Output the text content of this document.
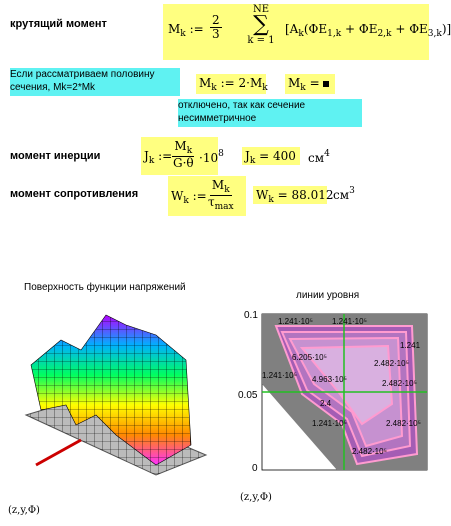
крутящий момент	$M_k$ := $\frac{2}{3}$
NE
∑
k = 1
$[A_k(\Phi E_{1,k} + \Phi E_{2,k} + \Phi E_{3,k})]$
Если рассматриваем половину сечения, Mk=2*Mk	$M_k$ := $2\cdot M_k$ $M_k$ =
отключено, так как сечение несимметричное
момент инерции	$J_k$ :=
$\frac{M_k}{G\cdot\theta} \cdot 10^8$ $J_k = 400$ $см^4$
момент сопротивления	$W_k$ :=
$M_k$
$\tau_{max}$
$W_k = 88.012$ $см^3$
Поверхность функции напряжений
(z,y,Φ)
линии уровня
0.1
0.05
0
1.241·10⁵ 1.241·10⁵
6.205·10⁵
1.241·10⁵ 4.963·10⁵
2.482·10⁵
2.482·10⁵
1.241
2.482·10⁵
1.241·10⁵
2.482·10⁵
2.4
(z,y,Φ)
